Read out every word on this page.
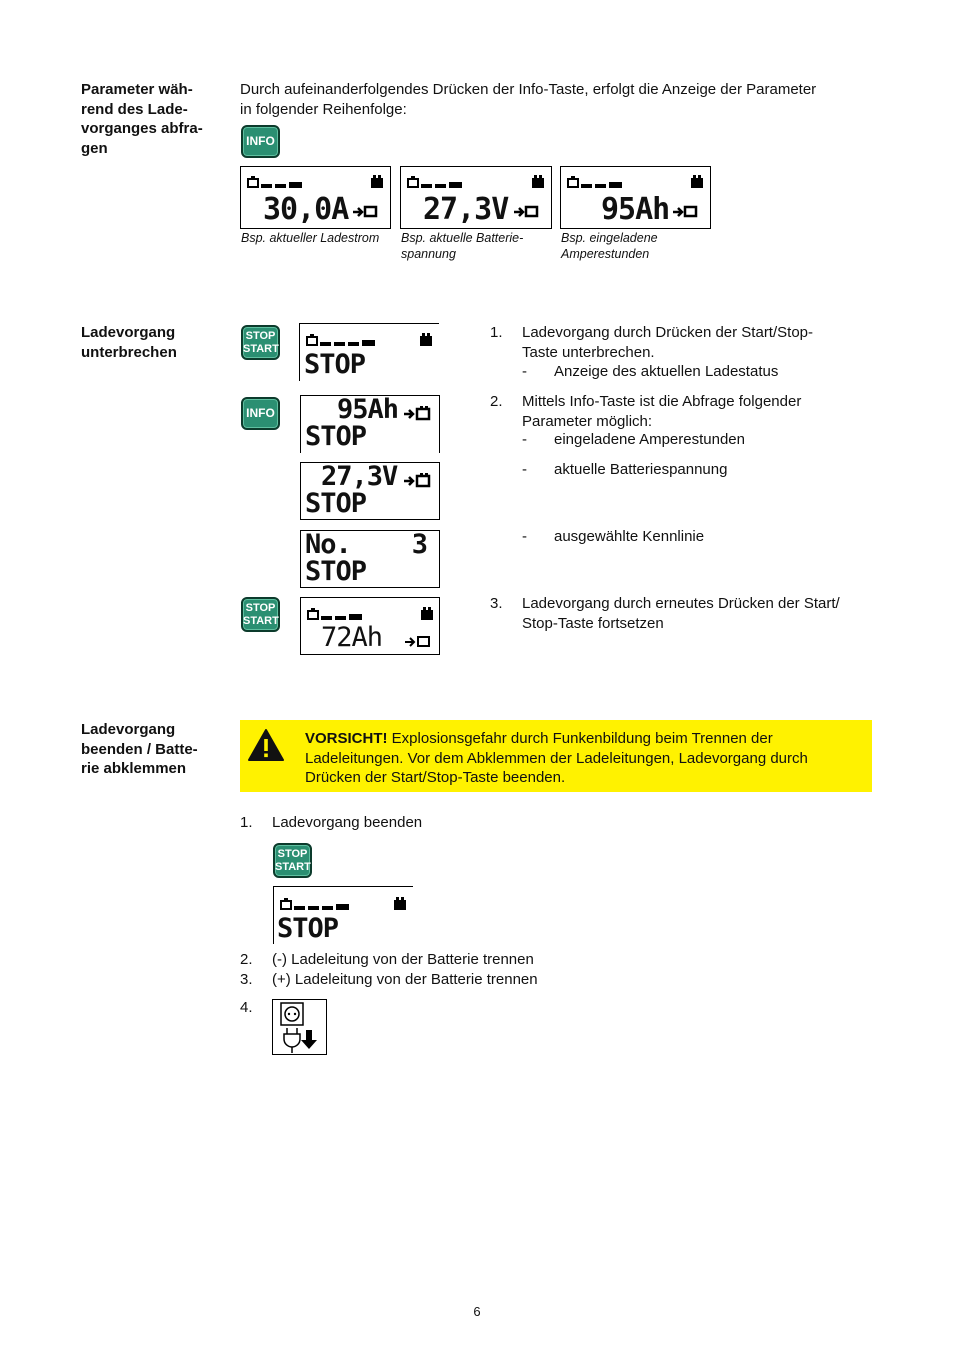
Parameter wäh-
rend des Lade-
vorganges abfra-
gen
Durch aufeinanderfolgendes Drücken der Info-Taste, erfolgt die Anzeige der Parameter
in folgender Reihenfolge:
INFO
30,0A
Bsp. aktueller Ladestrom
27,3V
Bsp. aktuelle Batterie-
spannung
95Ah
Bsp. eingeladene
Amperestunden
Ladevorgang
unterbrechen
STOP
START STOP
INFO 95Ah
STOP
27,3V
STOP
No.    3
STOP
STOP
START
72Ah
1.	Ladevorgang durch Drücken der Start/Stop-
Taste unterbrechen.
- Anzeige des aktuellen Ladestatus
2.	Mittels Info-Taste ist die Abfrage folgender
Parameter möglich:
- eingeladene Amperestunden
- aktuelle Batteriespannung
- ausgewählte Kennlinie
3.	Ladevorgang durch erneutes Drücken der Start/
Stop-Taste fortsetzen
Ladevorgang
beenden / Batte-
rie abklemmen
VORSICHT! Explosionsgefahr durch Funkenbildung beim Trennen der
Ladeleitungen. Vor dem Abklemmen der Ladeleitungen, Ladevorgang durch
Drücken der Start/Stop-Taste beenden.
1.	Ladevorgang beenden
STOP
START
STOP
2.	(-) Ladeleitung von der Batterie trennen
3.	(+) Ladeleitung von der Batterie trennen
4.
6
